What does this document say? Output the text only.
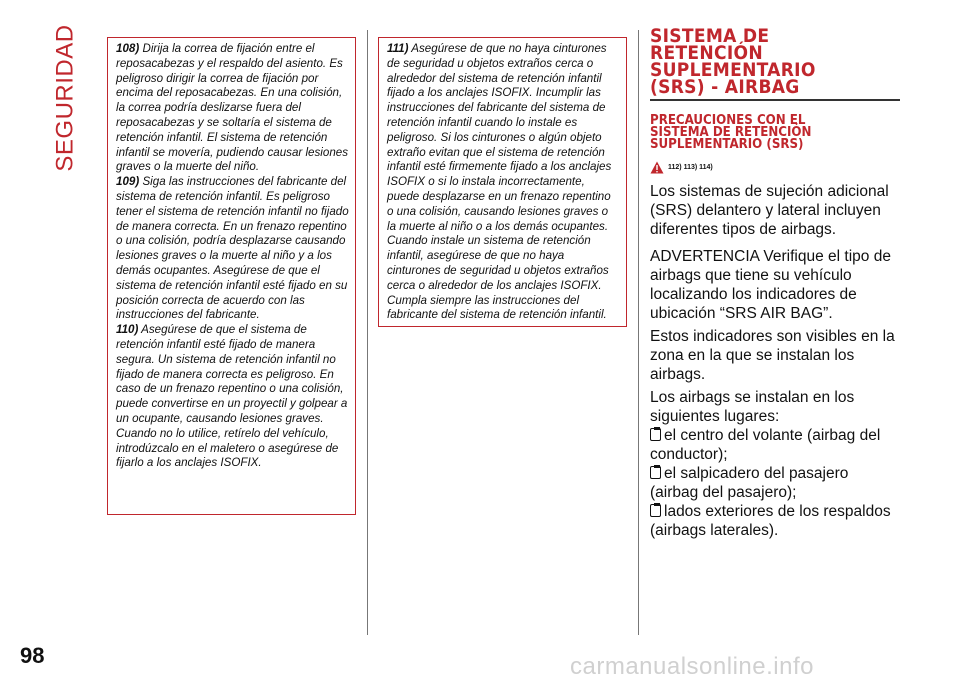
SEGURIDAD
98

108) Dirija la correa de fijación entre el reposacabezas y el respaldo del asiento. Es peligroso dirigir la correa de fijación por encima del reposacabezas. En una colisión, la correa podría deslizarse fuera del reposacabezas y se soltaría el sistema de retención infantil. El sistema de retención infantil se movería, pudiendo causar lesiones graves o la muerte del niño.

109) Siga las instrucciones del fabricante del sistema de retención infantil. Es peligroso tener el sistema de retención infantil no fijado de manera correcta. En un frenazo repentino o una colisión, podría desplazarse causando lesiones graves o la muerte al niño y a los demás ocupantes. Asegúrese de que el sistema de retención infantil esté fijado en su posición correcta de acuerdo con las instrucciones del fabricante.

110) Asegúrese de que el sistema de retención infantil esté fijado de manera segura. Un sistema de retención infantil no fijado de manera correcta es peligroso. En caso de un frenazo repentino o una colisión, puede convertirse en un proyectil y golpear a un ocupante, causando lesiones graves. Cuando no lo utilice, retírelo del vehículo, introdúzcalo en el maletero o asegúrese de fijarlo a los anclajes ISOFIX.

111) Asegúrese de que no haya cinturones de seguridad u objetos extraños cerca o alrededor del sistema de retención infantil fijado a los anclajes ISOFIX. Incumplir las instrucciones del fabricante del sistema de retención infantil cuando lo instale es peligroso. Si los cinturones o algún objeto extraño evitan que el sistema de retención infantil esté firmemente fijado a los anclajes ISOFIX o si lo instala incorrectamente, puede desplazarse en un frenazo repentino o una colisión, causando lesiones graves o la muerte al niño o a los demás ocupantes. Cuando instale un sistema de retención infantil, asegúrese de que no haya cinturones de seguridad u objetos extraños cerca o alrededor de los anclajes ISOFIX. Cumpla siempre las instrucciones del fabricante del sistema de retención infantil.

SISTEMA DE
RETENCIÓN
SUPLEMENTARIO
(SRS) - AIRBAG
PRECAUCIONES CON EL
SISTEMA DE RETENCIÓN
SUPLEMENTARIO (SRS)
112) 113) 114)

Los sistemas de sujeción adicional (SRS) delantero y lateral incluyen diferentes tipos de airbags.

ADVERTENCIA Verifique el tipo de airbags que tiene su vehículo localizando los indicadores de ubicación “SRS AIR BAG”.

Estos indicadores son visibles en la zona en la que se instalan los airbags.

Los airbags se instalan en los siguientes lugares:

el centro del volante (airbag del conductor);

el salpicadero del pasajero (airbag del pasajero);

lados exteriores de los respaldos (airbags laterales).

carmanualsonline.info
